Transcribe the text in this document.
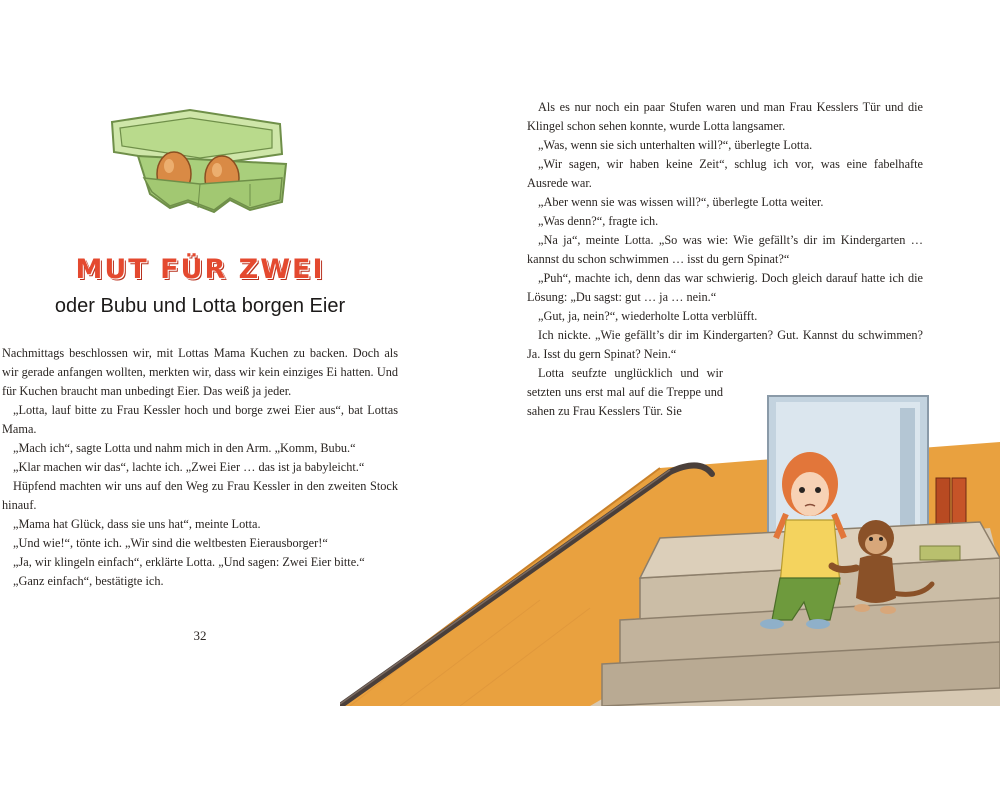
MUT FÜR ZWEI
oder Bubu und Lotta borgen Eier

Nachmittags beschlossen wir, mit Lottas Mama Kuchen zu backen. Doch als wir gerade anfangen wollten, merkten wir, dass wir kein einziges Ei hatten. Und für Kuchen braucht man unbedingt Eier. Das weiß ja jeder.

„Lotta, lauf bitte zu Frau Kessler hoch und borge zwei Eier aus“, bat Lottas Mama.

„Mach ich“, sagte Lotta und nahm mich in den Arm. „Komm, Bubu.“

„Klar machen wir das“, lachte ich. „Zwei Eier … das ist ja babyleicht.“

Hüpfend machten wir uns auf den Weg zu Frau Kessler in den zweiten Stock hinauf.

„Mama hat Glück, dass sie uns hat“, meinte Lotta.

„Und wie!“, tönte ich. „Wir sind die weltbesten Eierausborger!“

„Ja, wir klingeln einfach“, erklärte Lotta. „Und sagen: Zwei Eier bitte.“

„Ganz einfach“, bestätigte ich.

32

Als es nur noch ein paar Stufen waren und man Frau Kesslers Tür und die Klingel schon sehen konnte, wurde Lotta langsamer.

„Was, wenn sie sich unterhalten will?“, überlegte Lotta.

„Wir sagen, wir haben keine Zeit“, schlug ich vor, was eine fabelhafte Ausrede war.

„Aber wenn sie was wissen will?“, überlegte Lotta weiter.

„Was denn?“, fragte ich.

„Na ja“, meinte Lotta. „So was wie: Wie gefällt’s dir im Kindergarten … kannst du schon schwimmen … isst du gern Spinat?“

„Puh“, machte ich, denn das war schwierig. Doch gleich darauf hatte ich die Lösung: „Du sagst: gut … ja … nein.“

„Gut, ja, nein?“, wiederholte Lotta verblüfft.

Ich nickte. „Wie gefällt’s dir im Kindergarten? Gut. Kannst du schwimmen? Ja. Isst du gern Spinat? Nein.“

Lotta seufzte unglücklich und wir setzten uns erst mal auf die Treppe und sahen zu Frau Kesslers Tür. Sie
